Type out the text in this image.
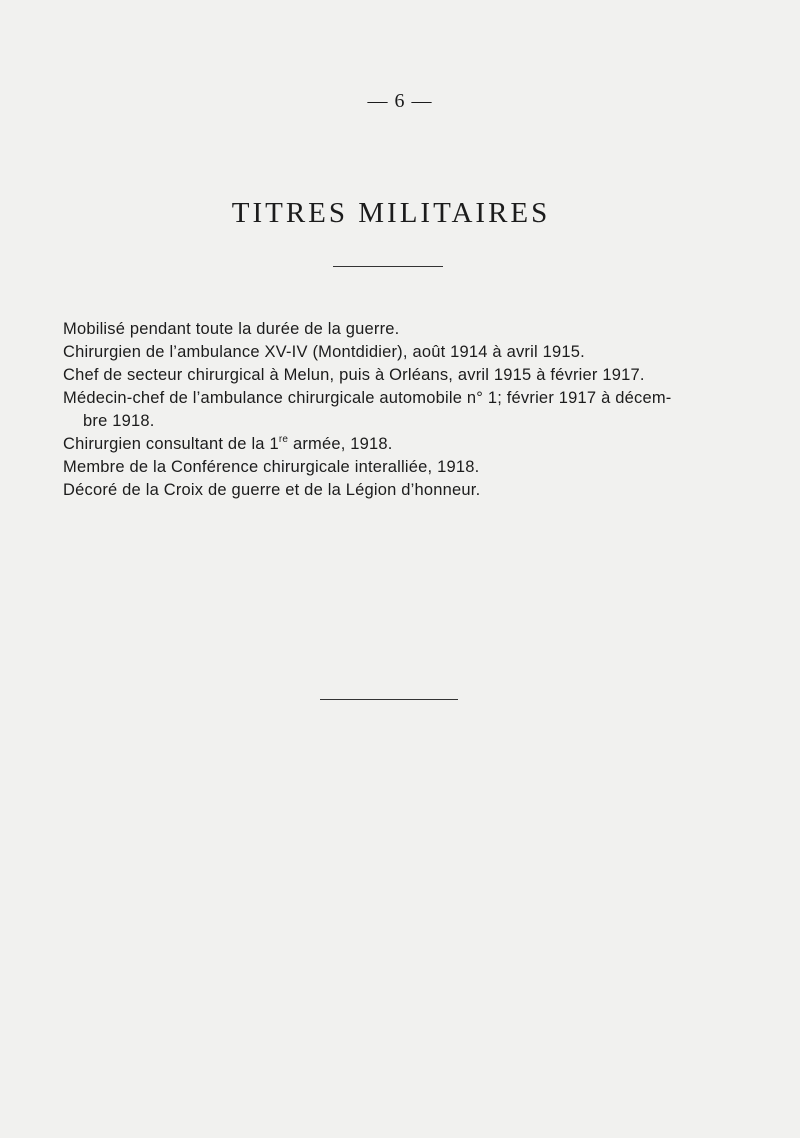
— 6 —
TITRES MILITAIRES
Mobilisé pendant toute la durée de la guerre.
Chirurgien de l’ambulance XV-IV (Montdidier), août 1914 à avril 1915.
Chef de secteur chirurgical à Melun, puis à Orléans, avril 1915 à février 1917.
Médecin-chef de l’ambulance chirurgicale automobile n° 1; février 1917 à décem-
bre 1918.
Chirurgien consultant de la 1re armée, 1918.
Membre de la Conférence chirurgicale interalliée, 1918.
Décoré de la Croix de guerre et de la Légion d’honneur.
